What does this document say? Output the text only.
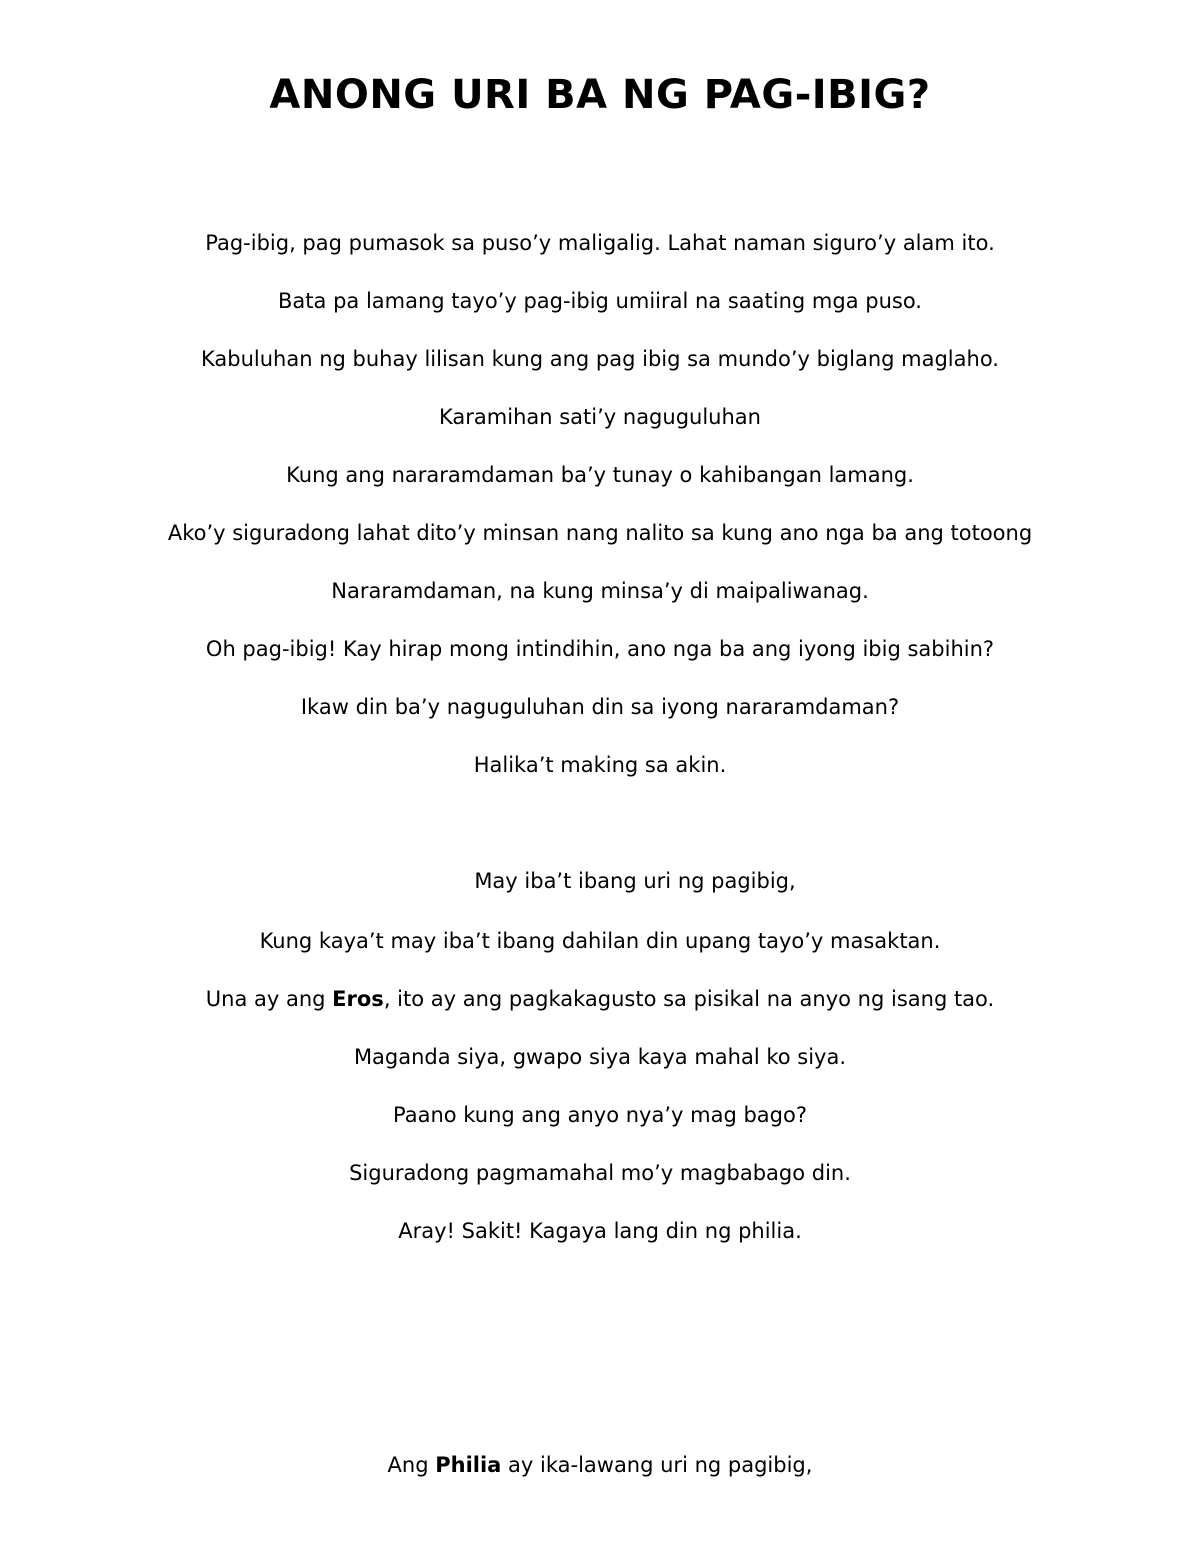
ANONG URI BA NG PAG-IBIG?
Pag-ibig, pag pumasok sa puso’y maligalig. Lahat naman siguro’y alam ito.
Bata pa lamang tayo’y pag-ibig umiiral na saating mga puso.
Kabuluhan ng buhay lilisan kung ang pag ibig sa mundo’y biglang maglaho.
Karamihan sati’y naguguluhan
Kung ang nararamdaman ba’y tunay o kahibangan lamang.
Ako’y siguradong lahat dito’y minsan nang nalito sa kung ano nga ba ang totoong
Nararamdaman, na kung minsa’y di maipaliwanag.
Oh pag-ibig! Kay hirap mong intindihin, ano nga ba ang iyong ibig sabihin?
Ikaw din ba’y naguguluhan din sa iyong nararamdaman?
Halika’t making sa akin.
May iba’t ibang uri ng pagibig,
Kung kaya’t may iba’t ibang dahilan din upang tayo’y masaktan.
Una ay ang Eros, ito ay ang pagkakagusto sa pisikal na anyo ng isang tao.
Maganda siya, gwapo siya kaya mahal ko siya.
Paano kung ang anyo nya’y mag bago?
Siguradong pagmamahal mo’y magbabago din.
Aray! Sakit! Kagaya lang din ng philia.
Ang Philia ay ika-lawang uri ng pagibig,
